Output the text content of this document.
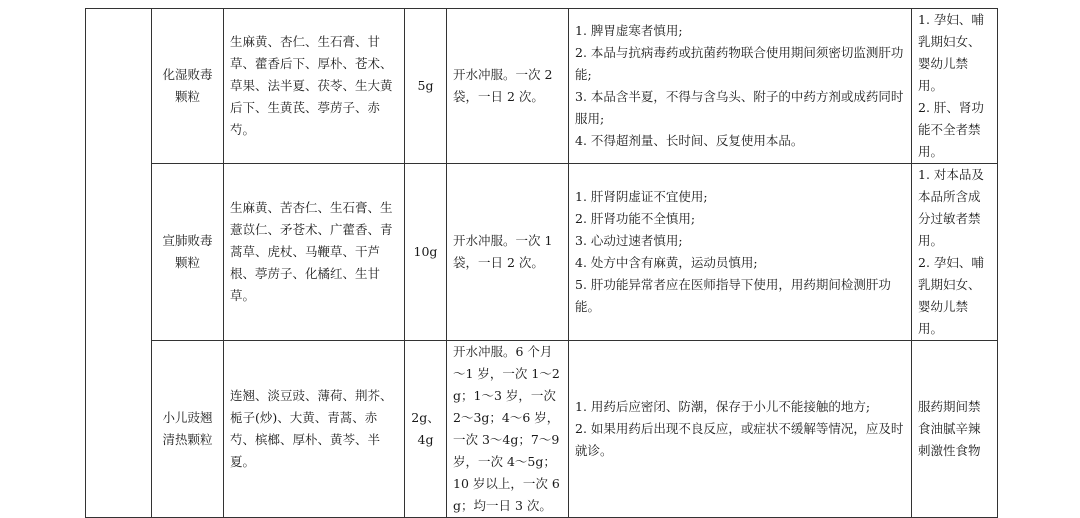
	化湿败毒颗粒	生麻黄、杏仁、生石膏、甘草、藿香后下、厚朴、苍术、草果、法半夏、茯苓、生大黄后下、生黄芪、葶苈子、赤芍。	5g	开水冲服。一次 2 袋，一日 2 次。	1. 脾胃虚寒者慎用;
2. 本品与抗病毒药或抗菌药物联合使用期间须密切监测肝功能;
3. 本品含半夏，不得与含乌头、附子的中药方剂或成药同时服用;
4. 不得超剂量、长时间、反复使用本品。	1. 孕妇、哺乳期妇女、婴幼儿禁用。
2. 肝、肾功能不全者禁用。

	宣肺败毒颗粒	生麻黄、苦杏仁、生石膏、生薏苡仁、矛苍术、广藿香、青蒿草、虎杖、马鞭草、干芦根、葶苈子、化橘红、生甘草。	10g	开水冲服。一次 1 袋，一日 2 次。	1. 肝肾阴虚证不宜使用;
2. 肝肾功能不全慎用;
3. 心动过速者慎用;
4. 处方中含有麻黄，运动员慎用;
5. 肝功能异常者应在医师指导下使用，用药期间检测肝功能。	1. 对本品及本品所含成分过敏者禁用。
2. 孕妇、哺乳期妇女、婴幼儿禁用。

	小儿豉翘清热颗粒	连翘、淡豆豉、薄荷、荆芥、栀子(炒)、大黄、青蒿、赤芍、槟榔、厚朴、黄芩、半夏。	2g、4g	开水冲服。6 个月～1 岁，一次 1～2g；1～3 岁，一次 2～3g；4～6 岁，一次 3～4g；7～9 岁，一次 4～5g；10 岁以上，一次 6g；均一日 3 次。	1. 用药后应密闭、防潮，保存于小儿不能接触的地方;
2. 如果用药后出现不良反应，或症状不缓解等情况，应及时就诊。	服药期间禁食油腻辛辣刺激性食物
